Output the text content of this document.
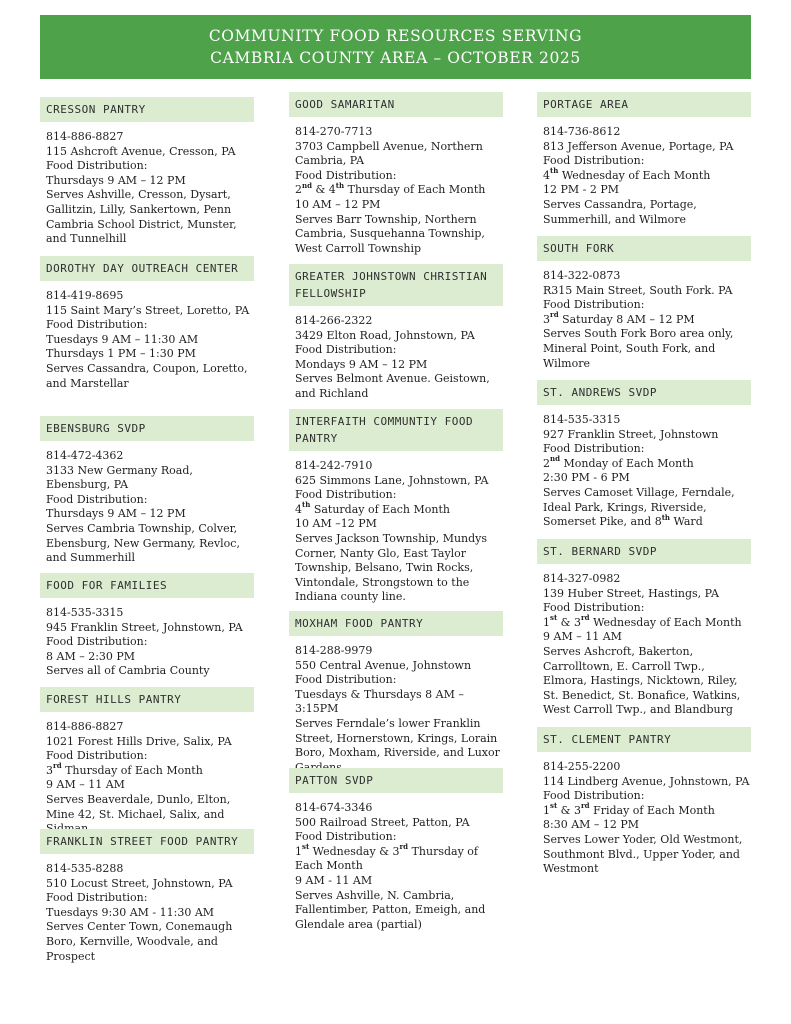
COMMUNITY FOOD RESOURCES SERVING
CAMBRIA COUNTY AREA – OCTOBER 2025
CRESSON PANTRY

814-886-8827

115 Ashcroft Avenue, Cresson, PA

Food Distribution:

Thursdays 9 AM – 12 PM

Serves Ashville, Cresson, Dysart, Gallitzin, Lilly, Sankertown, Penn Cambria School District, Munster, and Tunnelhill

DOROTHY DAY OUTREACH CENTER

814-419-8695

115 Saint Mary’s Street, Loretto, PA

Food Distribution:

Tuesdays 9 AM – 11:30 AM

Thursdays 1 PM – 1:30 PM

Serves Cassandra, Coupon, Loretto, and Marstellar

EBENSBURG SVDP

814-472-4362

3133 New Germany Road, Ebensburg, PA

Food Distribution:

Thursdays 9 AM – 12 PM

Serves Cambria Township, Colver, Ebensburg, New Germany, Revloc, and Summerhill

FOOD FOR FAMILIES

814-535-3315

945 Franklin Street, Johnstown, PA

Food Distribution:

8 AM – 2:30 PM

Serves all of Cambria County

FOREST HILLS PANTRY

814-886-8827

1021 Forest Hills Drive, Salix, PA

Food Distribution:

3rd Thursday of Each Month

9 AM – 11 AM

Serves Beaverdale, Dunlo, Elton, Mine 42, St. Michael, Salix, and

FRANKLIN STREET FOOD PANTRY

814-535-8288

510 Locust Street, Johnstown, PA

Food Distribution:

Tuesdays 9:30 AM - 11:30 AM

Serves Center Town, Conemaugh Boro, Kernville, Woodvale, and Prospect

GOOD SAMARITAN

814-270-7713

3703 Campbell Avenue, Northern Cambria, PA

Food Distribution:

2nd & 4th Thursday of Each Month

10 AM – 12 PM

Serves Barr Township, Northern Cambria, Susquehanna Township, West Carroll Township

GREATER JOHNSTOWN CHRISTIAN FELLOWSHIP

814-266-2322

3429 Elton Road, Johnstown, PA

Food Distribution:

Mondays 9 AM – 12 PM

Serves Belmont Avenue. Geistown, and Richland

INTERFAITH COMMUNTIY FOOD PANTRY

814-242-7910

625 Simmons Lane, Johnstown, PA

Food Distribution:

4th Saturday of Each Month

10 AM –12 PM

Serves Jackson Township, Mundys Corner, Nanty Glo, East Taylor Township, Belsano, Twin Rocks, Vintondale, Strongstown to the Indiana county line.

MOXHAM FOOD PANTRY

814-288-9979

550 Central Avenue, Johnstown

Food Distribution:

Tuesdays & Thursdays 8 AM – 3:15PM

Serves Ferndale’s lower Franklin Street, Hornerstown, Krings, Lorain Boro, Moxham, Riverside, and Luxor

PATTON SVDP

814-674-3346

500 Railroad Street, Patton, PA

Food Distribution:

1st Wednesday & 3rd Thursday of Each Month

9 AM - 11 AM

Serves Ashville, N. Cambria, Fallentimber, Patton, Emeigh, and Glendale area (partial)

PORTAGE AREA

814-736-8612

813 Jefferson Avenue, Portage, PA

Food Distribution:

4th Wednesday of Each Month

12 PM - 2 PM

Serves Cassandra, Portage, Summerhill, and Wilmore

SOUTH FORK

814-322-0873

R315 Main Street, South Fork. PA

Food Distribution:

3rd Saturday 8 AM – 12 PM

Serves South Fork Boro area only, Mineral Point, South Fork, and Wilmore

ST. ANDREWS SVDP

814-535-3315

927 Franklin Street, Johnstown

Food Distribution:

2nd Monday of Each Month

2:30 PM - 6 PM

Serves Camoset Village, Ferndale, Ideal Park, Krings, Riverside, Somerset Pike, and 8th Ward

ST. BERNARD SVDP

814-327-0982

139 Huber Street, Hastings, PA

Food Distribution:

1st & 3rd Wednesday of Each Month

9 AM – 11 AM

Serves Ashcroft, Bakerton, Carrolltown, E. Carroll Twp., Elmora, Hastings, Nicktown, Riley, St. Benedict, St. Bonafice, Watkins, West Carroll Twp., and Blandburg

ST. CLEMENT PANTRY

814-255-2200

114 Lindberg Avenue, Johnstown, PA

Food Distribution:

1st & 3rd Friday of Each Month

8:30 AM – 12 PM

Serves Lower Yoder, Old Westmont, Southmont Blvd., Upper Yoder, and Westmont
